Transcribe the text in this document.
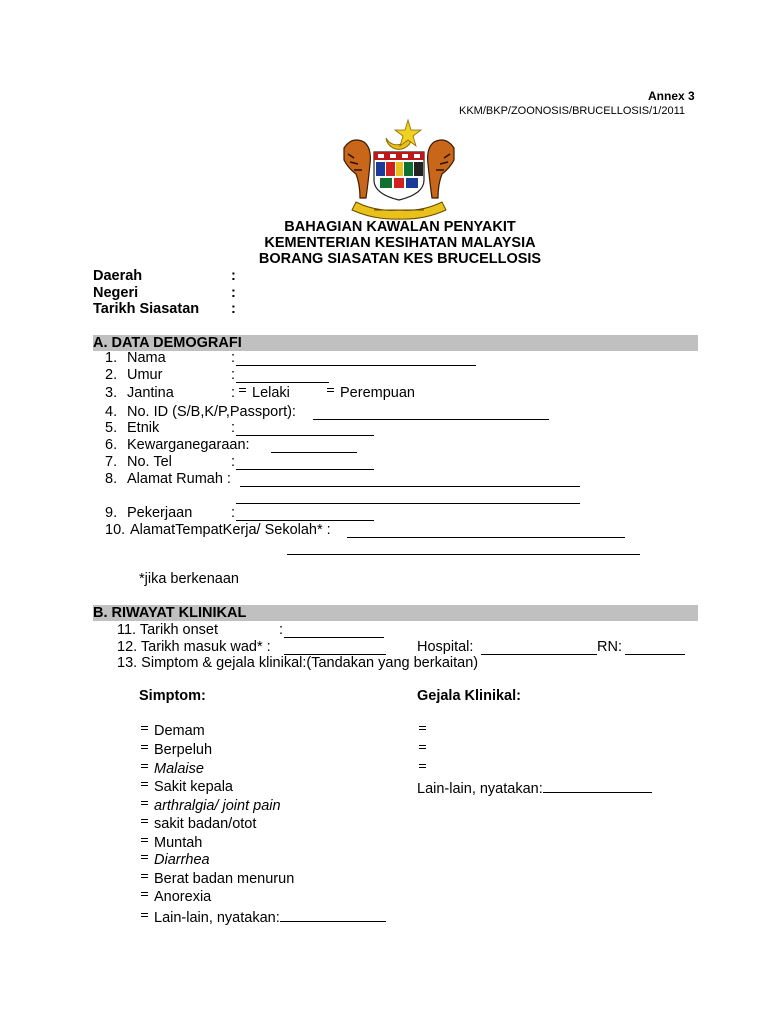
Annex 3
KKM/BKP/ZOONOSIS/BRUCELLOSIS/1/2011
BAHAGIAN KAWALAN PENYAKIT
KEMENTERIAN KESIHATAN MALAYSIA
BORANG SIASATAN KES BRUCELLOSIS
Daerah	:
Negeri	:
Tarikh Siasatan :
A. DATA DEMOGRAFI
1. Nama	:
2. Umur	:
3. Jantina	:	Lelaki	Perempuan
4. No. ID (S/B,K/P,Passport):
5. Etnik	:
6. Kewarganegaraan:
7. No. Tel	:
8. Alamat Rumah :
9. Pekerjaan	:
10. AlamatTempatKerja/ Sekolah* :
*jika berkenaan
B. RIWAYAT KLINIKAL
11. Tarikh onset	:
12. Tarikh masuk wad* :	Hospital:	RN:
13. Simptom & gejala klinikal:(Tandakan yang berkaitan)
Simptom:	Gejala Klinikal:
Demam
Berpeluh
Malaise
Sakit kepala
arthralgia/ joint pain
sakit badan/otot
Muntah
Diarrhea
Berat badan menurun
Anorexia
Lain-lain, nyatakan:
Lain-lain, nyatakan:
